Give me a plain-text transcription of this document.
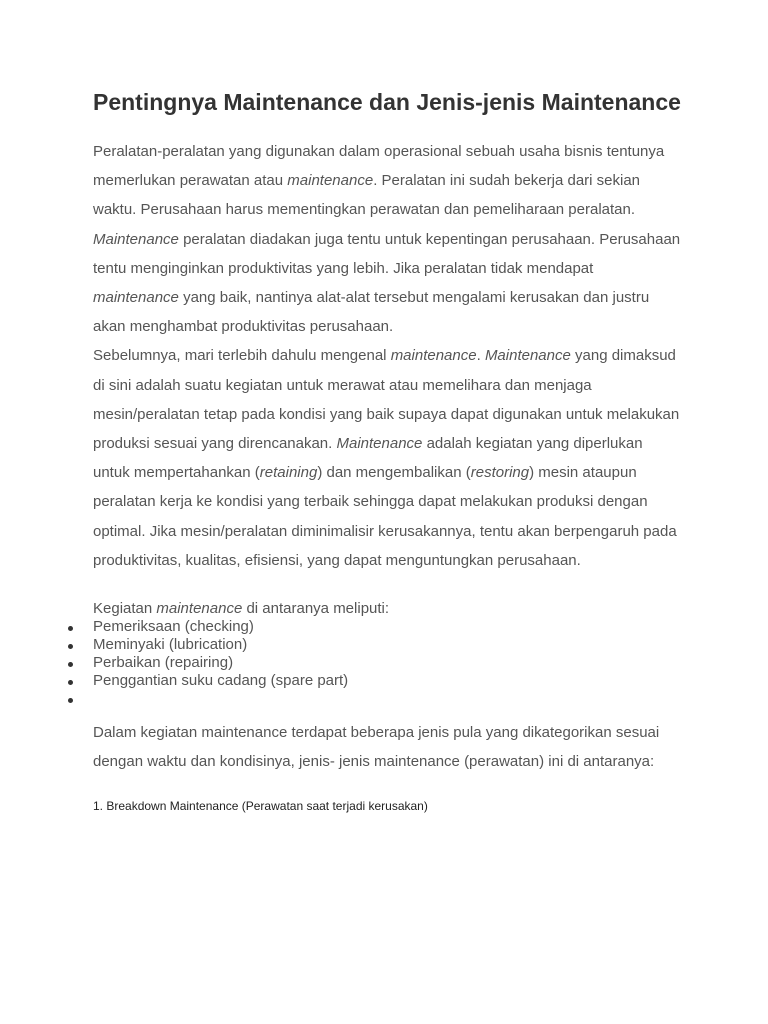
Pentingnya Maintenance dan Jenis-jenis Maintenance

Peralatan-peralatan yang digunakan dalam operasional sebuah usaha bisnis tentunya memerlukan perawatan atau maintenance. Peralatan ini sudah bekerja dari sekian waktu. Perusahaan harus mementingkan perawatan dan pemeliharaan peralatan. Maintenance peralatan diadakan juga tentu untuk kepentingan perusahaan. Perusahaan tentu menginginkan produktivitas yang lebih. Jika peralatan tidak mendapat maintenance yang baik, nantinya alat-alat tersebut mengalami kerusakan dan justru akan menghambat produktivitas perusahaan.

Sebelumnya, mari terlebih dahulu mengenal maintenance. Maintenance yang dimaksud di sini adalah suatu kegiatan untuk merawat atau memelihara dan menjaga mesin/peralatan tetap pada kondisi yang baik supaya dapat digunakan untuk melakukan produksi sesuai yang direncanakan. Maintenance adalah kegiatan yang diperlukan untuk mempertahankan (retaining) dan mengembalikan (restoring) mesin ataupun peralatan kerja ke kondisi yang terbaik sehingga dapat melakukan produksi dengan optimal. Jika mesin/peralatan diminimalisir kerusakannya, tentu akan berpengaruh pada produktivitas, kualitas, efisiensi, yang dapat menguntungkan perusahaan.

Kegiatan maintenance di antaranya meliputi:

Pemeriksaan (checking)
Meminyaki (lubrication)
Perbaikan (repairing)
Penggantian suku cadang (spare part)

Dalam kegiatan maintenance terdapat beberapa jenis pula yang dikategorikan sesuai dengan waktu dan kondisinya, jenis- jenis maintenance (perawatan) ini di antaranya:

1. Breakdown Maintenance (Perawatan saat terjadi kerusakan)
